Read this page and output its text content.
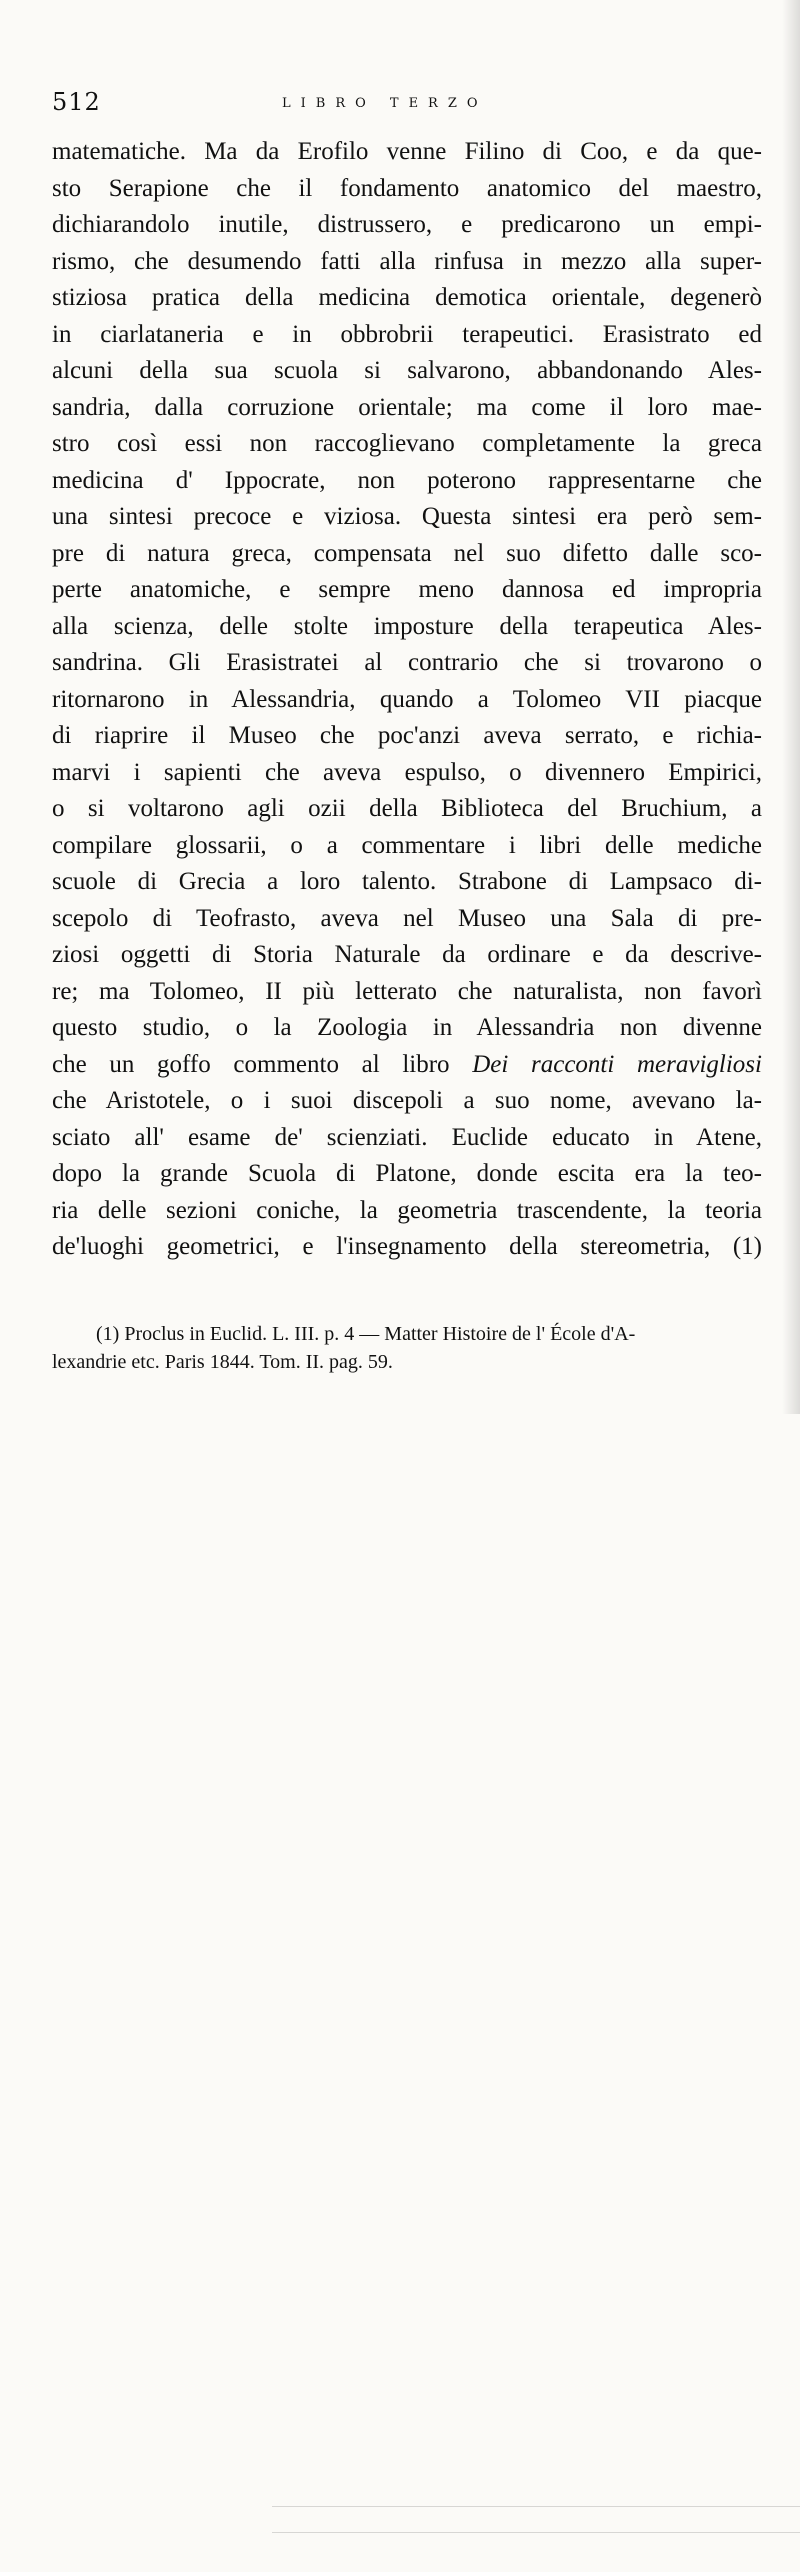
512	LIBRO TERZO
matematiche. Ma da Erofilo venne Filino di Coo, e da que-
sto Serapione che il fondamento anatomico del maestro,
dichiarandolo inutile, distrussero, e predicarono un empi-
rismo, che desumendo fatti alla rinfusa in mezzo alla super-
stiziosa pratica della medicina demotica orientale, degenerò
in ciarlataneria e in obbrobrii terapeutici. Erasistrato ed
alcuni della sua scuola si salvarono, abbandonando Ales-
sandria, dalla corruzione orientale; ma come il loro mae-
stro così essi non raccoglievano completamente la greca
medicina d' Ippocrate, non poterono rappresentarne che
una sintesi precoce e viziosa. Questa sintesi era però sem-
pre di natura greca, compensata nel suo difetto dalle sco-
perte anatomiche, e sempre meno dannosa ed impropria
alla scienza, delle stolte imposture della terapeutica Ales-
sandrina. Gli Erasistratei al contrario che si trovarono o
ritornarono in Alessandria, quando a Tolomeo VII piacque
di riaprire il Museo che poc'anzi aveva serrato, e richia-
marvi i sapienti che aveva espulso, o divennero Empirici,
o si voltarono agli ozii della Biblioteca del Bruchium, a
compilare glossarii, o a commentare i libri delle mediche
scuole di Grecia a loro talento. Strabone di Lampsaco di-
scepolo di Teofrasto, aveva nel Museo una Sala di pre-
ziosi oggetti di Storia Naturale da ordinare e da descrive-
re; ma Tolomeo, II più letterato che naturalista, non favorì
questo studio, o la Zoologia in Alessandria non divenne
che un goffo commento al libro Dei racconti meravigliosi
che Aristotele, o i suoi discepoli a suo nome, avevano la-
sciato all' esame de' scienziati. Euclide educato in Atene,
dopo la grande Scuola di Platone, donde escita era la teo-
ria delle sezioni coniche, la geometria trascendente, la teoria
de'luoghi geometrici, e l'insegnamento della stereometria, (1)
(1) Proclus in Euclid. L. III. p. 4 — Matter Histoire de l' École d'A-
lexandrie etc. Paris 1844. Tom. II. pag. 59.
